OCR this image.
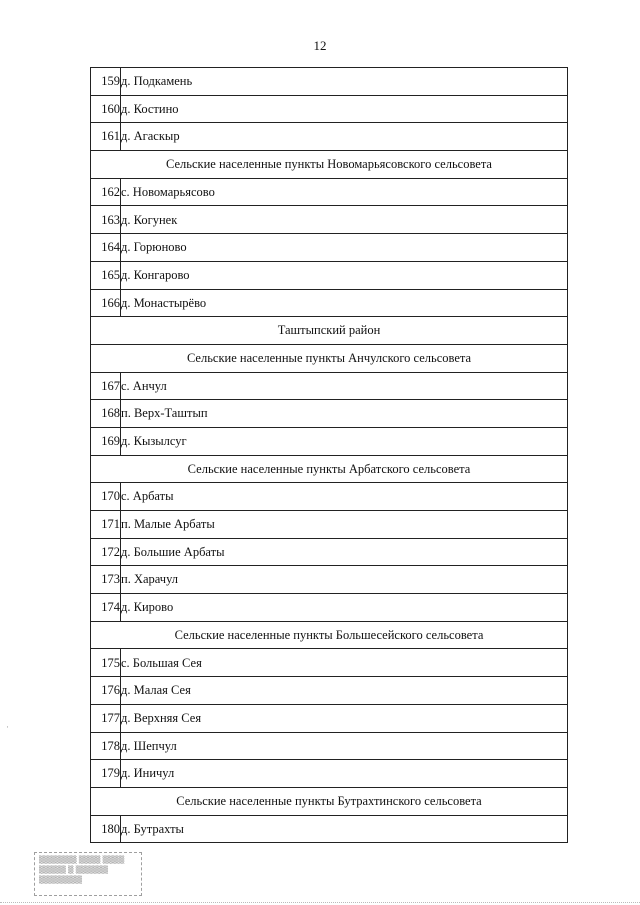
12
159	д. Подкамень
160	д. Костино
161	д. Агаскыр
Сельские населенные пункты Новомарьясовского сельсовета	
162	с. Новомарьясово
163	д. Когунек
164	д. Горюново
165	д. Конгарово
166	д. Монастырёво
Таштыпский район	
Сельские населенные пункты Анчулского сельсовета	
167	с. Анчул
168	п. Верх-Таштып
169	д. Кызылсуг
Сельские населенные пункты Арбатского сельсовета	
170	с. Арбаты
171	п. Малые Арбаты
172	д. Большие Арбаты
173	п. Харачул
174	д. Кирово
Сельские населенные пункты Большесейского сельсовета	
175	с. Большая Сея
176	д. Малая Сея
177	д. Верхняя Сея
178	д. Шепчул
179	д. Иничул
Сельские населенные пункты Бутрахтинского сельсовета	
180	д. Бутрахты
▒▒▒▒▒▒▒ ▒▒▒▒ ▒▒▒▒
▒▒▒▒▒ ▒ ▒▒▒▒▒▒
▒▒▒▒▒▒▒▒
·
